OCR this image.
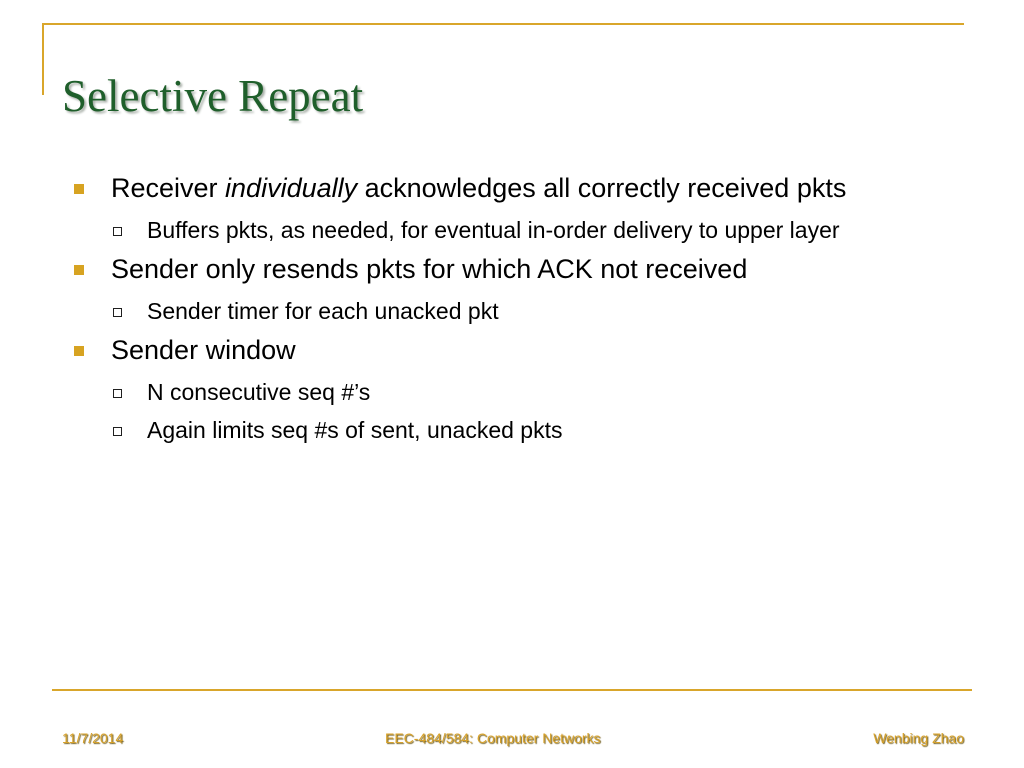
Selective Repeat
Receiver individually acknowledges all correctly received pkts
Buffers pkts, as needed, for eventual in-order delivery to upper layer
Sender only resends pkts for which ACK not received
Sender timer for each unacked pkt
Sender window
N consecutive seq #’s
Again limits seq #s of sent, unacked pkts
11/7/2014	EEC-484/584: Computer Networks	Wenbing Zhao
